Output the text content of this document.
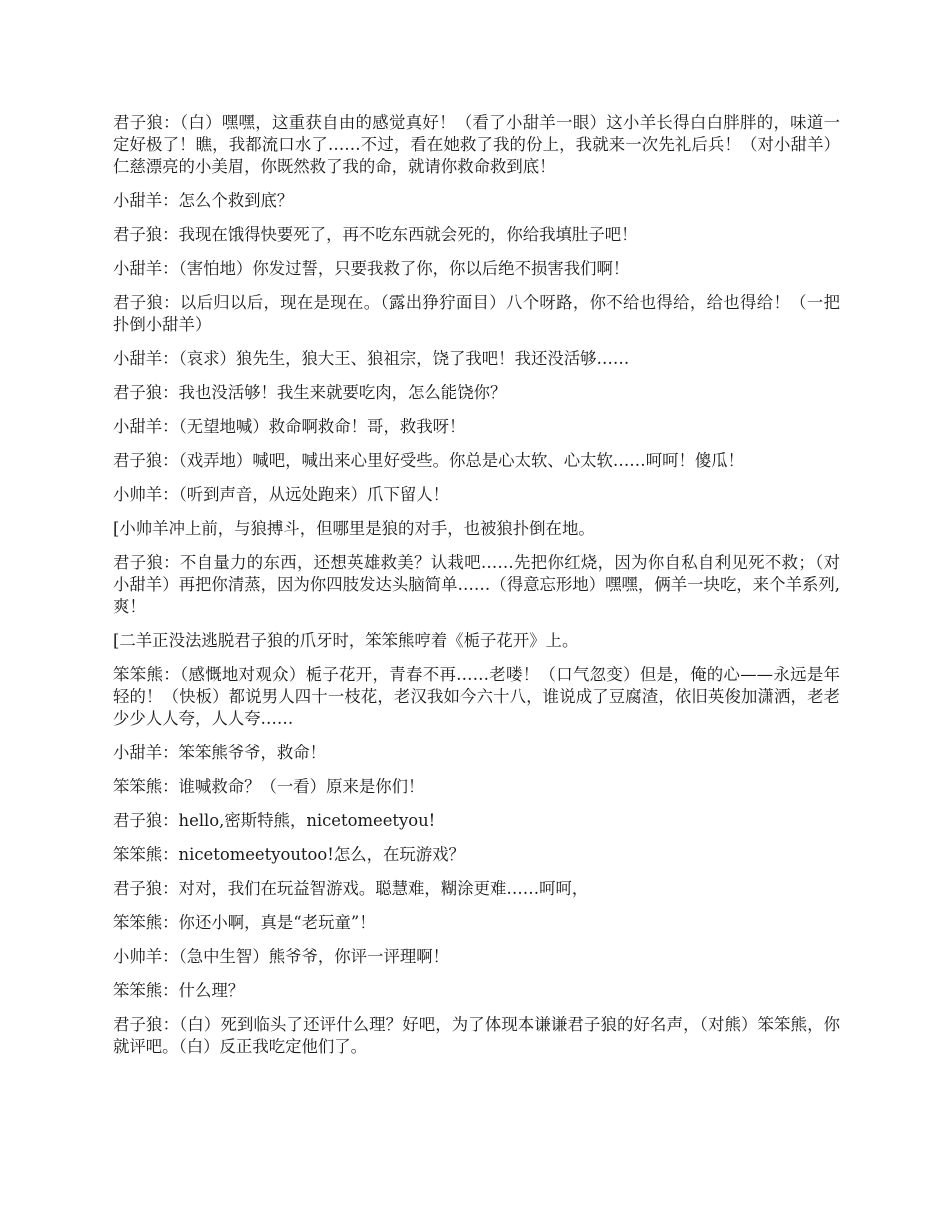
君子狼：（白）嘿嘿，这重获自由的感觉真好！（看了小甜羊一眼）这小羊长得白白胖胖的，味道一定好极了！瞧，我都流口水了……不过，看在她救了我的份上，我就来一次先礼后兵！（对小甜羊）仁慈漂亮的小美眉，你既然救了我的命，就请你救命救到底！

小甜羊：怎么个救到底？

君子狼：我现在饿得快要死了，再不吃东西就会死的，你给我填肚子吧！

小甜羊：（害怕地）你发过誓，只要我救了你，你以后绝不损害我们啊！

君子狼：以后归以后，现在是现在。（露出狰狞面目）八个呀路，你不给也得给，给也得给！（一把扑倒小甜羊）

小甜羊：（哀求）狼先生，狼大王、狼祖宗，饶了我吧！我还没活够……

君子狼：我也没活够！我生来就要吃肉，怎么能饶你？

小甜羊：（无望地喊）救命啊救命！哥，救我呀！

君子狼：（戏弄地）喊吧，喊出来心里好受些。你总是心太软、心太软……呵呵！傻瓜！

小帅羊：（听到声音，从远处跑来）爪下留人！

[小帅羊冲上前，与狼搏斗，但哪里是狼的对手，也被狼扑倒在地。

君子狼：不自量力的东西，还想英雄救美？认栽吧……先把你红烧，因为你自私自利见死不救；（对小甜羊）再把你清蒸，因为你四肢发达头脑简单……（得意忘形地）嘿嘿，俩羊一块吃，来个羊系列,爽！

[二羊正没法逃脱君子狼的爪牙时，笨笨熊哼着《栀子花开》上。

笨笨熊：（感慨地对观众）栀子花开，青春不再……老喽！（口气忽变）但是，俺的心——永远是年轻的！（快板）都说男人四十一枝花，老汉我如今六十八，谁说成了豆腐渣，依旧英俊加潇洒，老老少少人人夸，人人夸……

小甜羊：笨笨熊爷爷，救命！

笨笨熊：谁喊救命？（一看）原来是你们！

君子狼：hello,密斯特熊，nicetomeetyou!

笨笨熊：nicetomeetyoutoo!怎么，在玩游戏？

君子狼：对对，我们在玩益智游戏。聪慧难，糊涂更难……呵呵，

笨笨熊：你还小啊，真是“老玩童”！

小帅羊：（急中生智）熊爷爷，你评一评理啊！

笨笨熊：什么理？

君子狼：（白）死到临头了还评什么理？好吧，为了体现本谦谦君子狼的好名声，（对熊）笨笨熊，你就评吧。（白）反正我吃定他们了。
